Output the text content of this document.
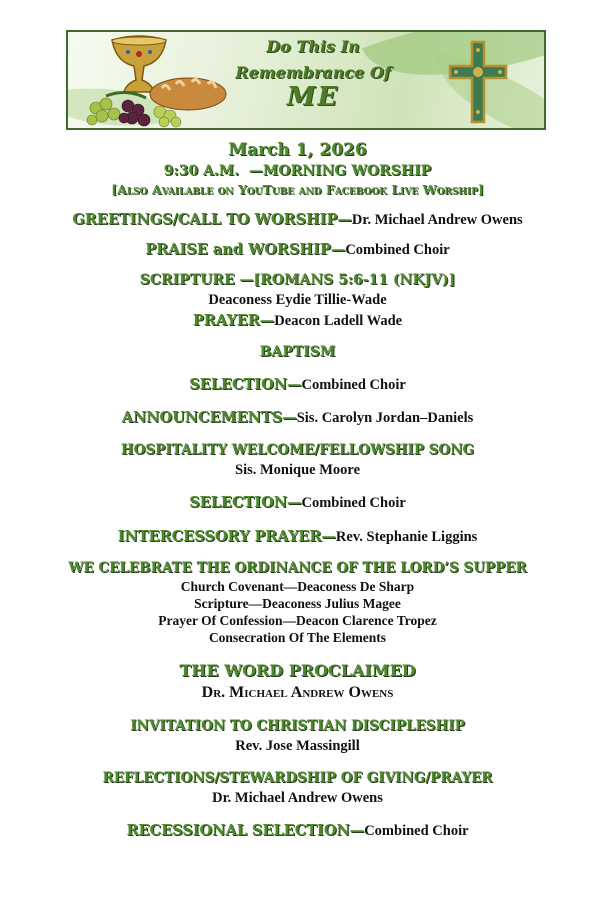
Do This In
Remembrance Of
ME
March 1, 2026
9:30 A.M. —MORNING WORSHIP
[Also Available on YouTube and Facebook Live Worship]
GREETINGS/CALL TO WORSHIP—Dr. Michael Andrew Owens
PRAISE and WORSHIP—Combined Choir
SCRIPTURE —[ROMANS 5:6-11 (NKJV)]
Deaconess Eydie Tillie-Wade
PRAYER—Deacon Ladell Wade
BAPTISM
SELECTION—Combined Choir
ANNOUNCEMENTS—Sis. Carolyn Jordan–Daniels
HOSPITALITY WELCOME/FELLOWSHIP SONG
Sis. Monique Moore
SELECTION—Combined Choir
INTERCESSORY PRAYER—Rev. Stephanie Liggins
WE CELEBRATE THE ORDINANCE OF THE LORD’S SUPPER
Church Covenant—Deaconess De Sharp
Scripture—Deaconess Julius Magee
Prayer Of Confession—Deacon Clarence Tropez
Consecration Of The Elements
THE WORD PROCLAIMED
Dr. Michael Andrew Owens
INVITATION TO CHRISTIAN DISCIPLESHIP
Rev. Jose Massingill
REFLECTIONS/STEWARDSHIP OF GIVING/PRAYER
Dr. Michael Andrew Owens
RECESSIONAL SELECTION—Combined Choir
